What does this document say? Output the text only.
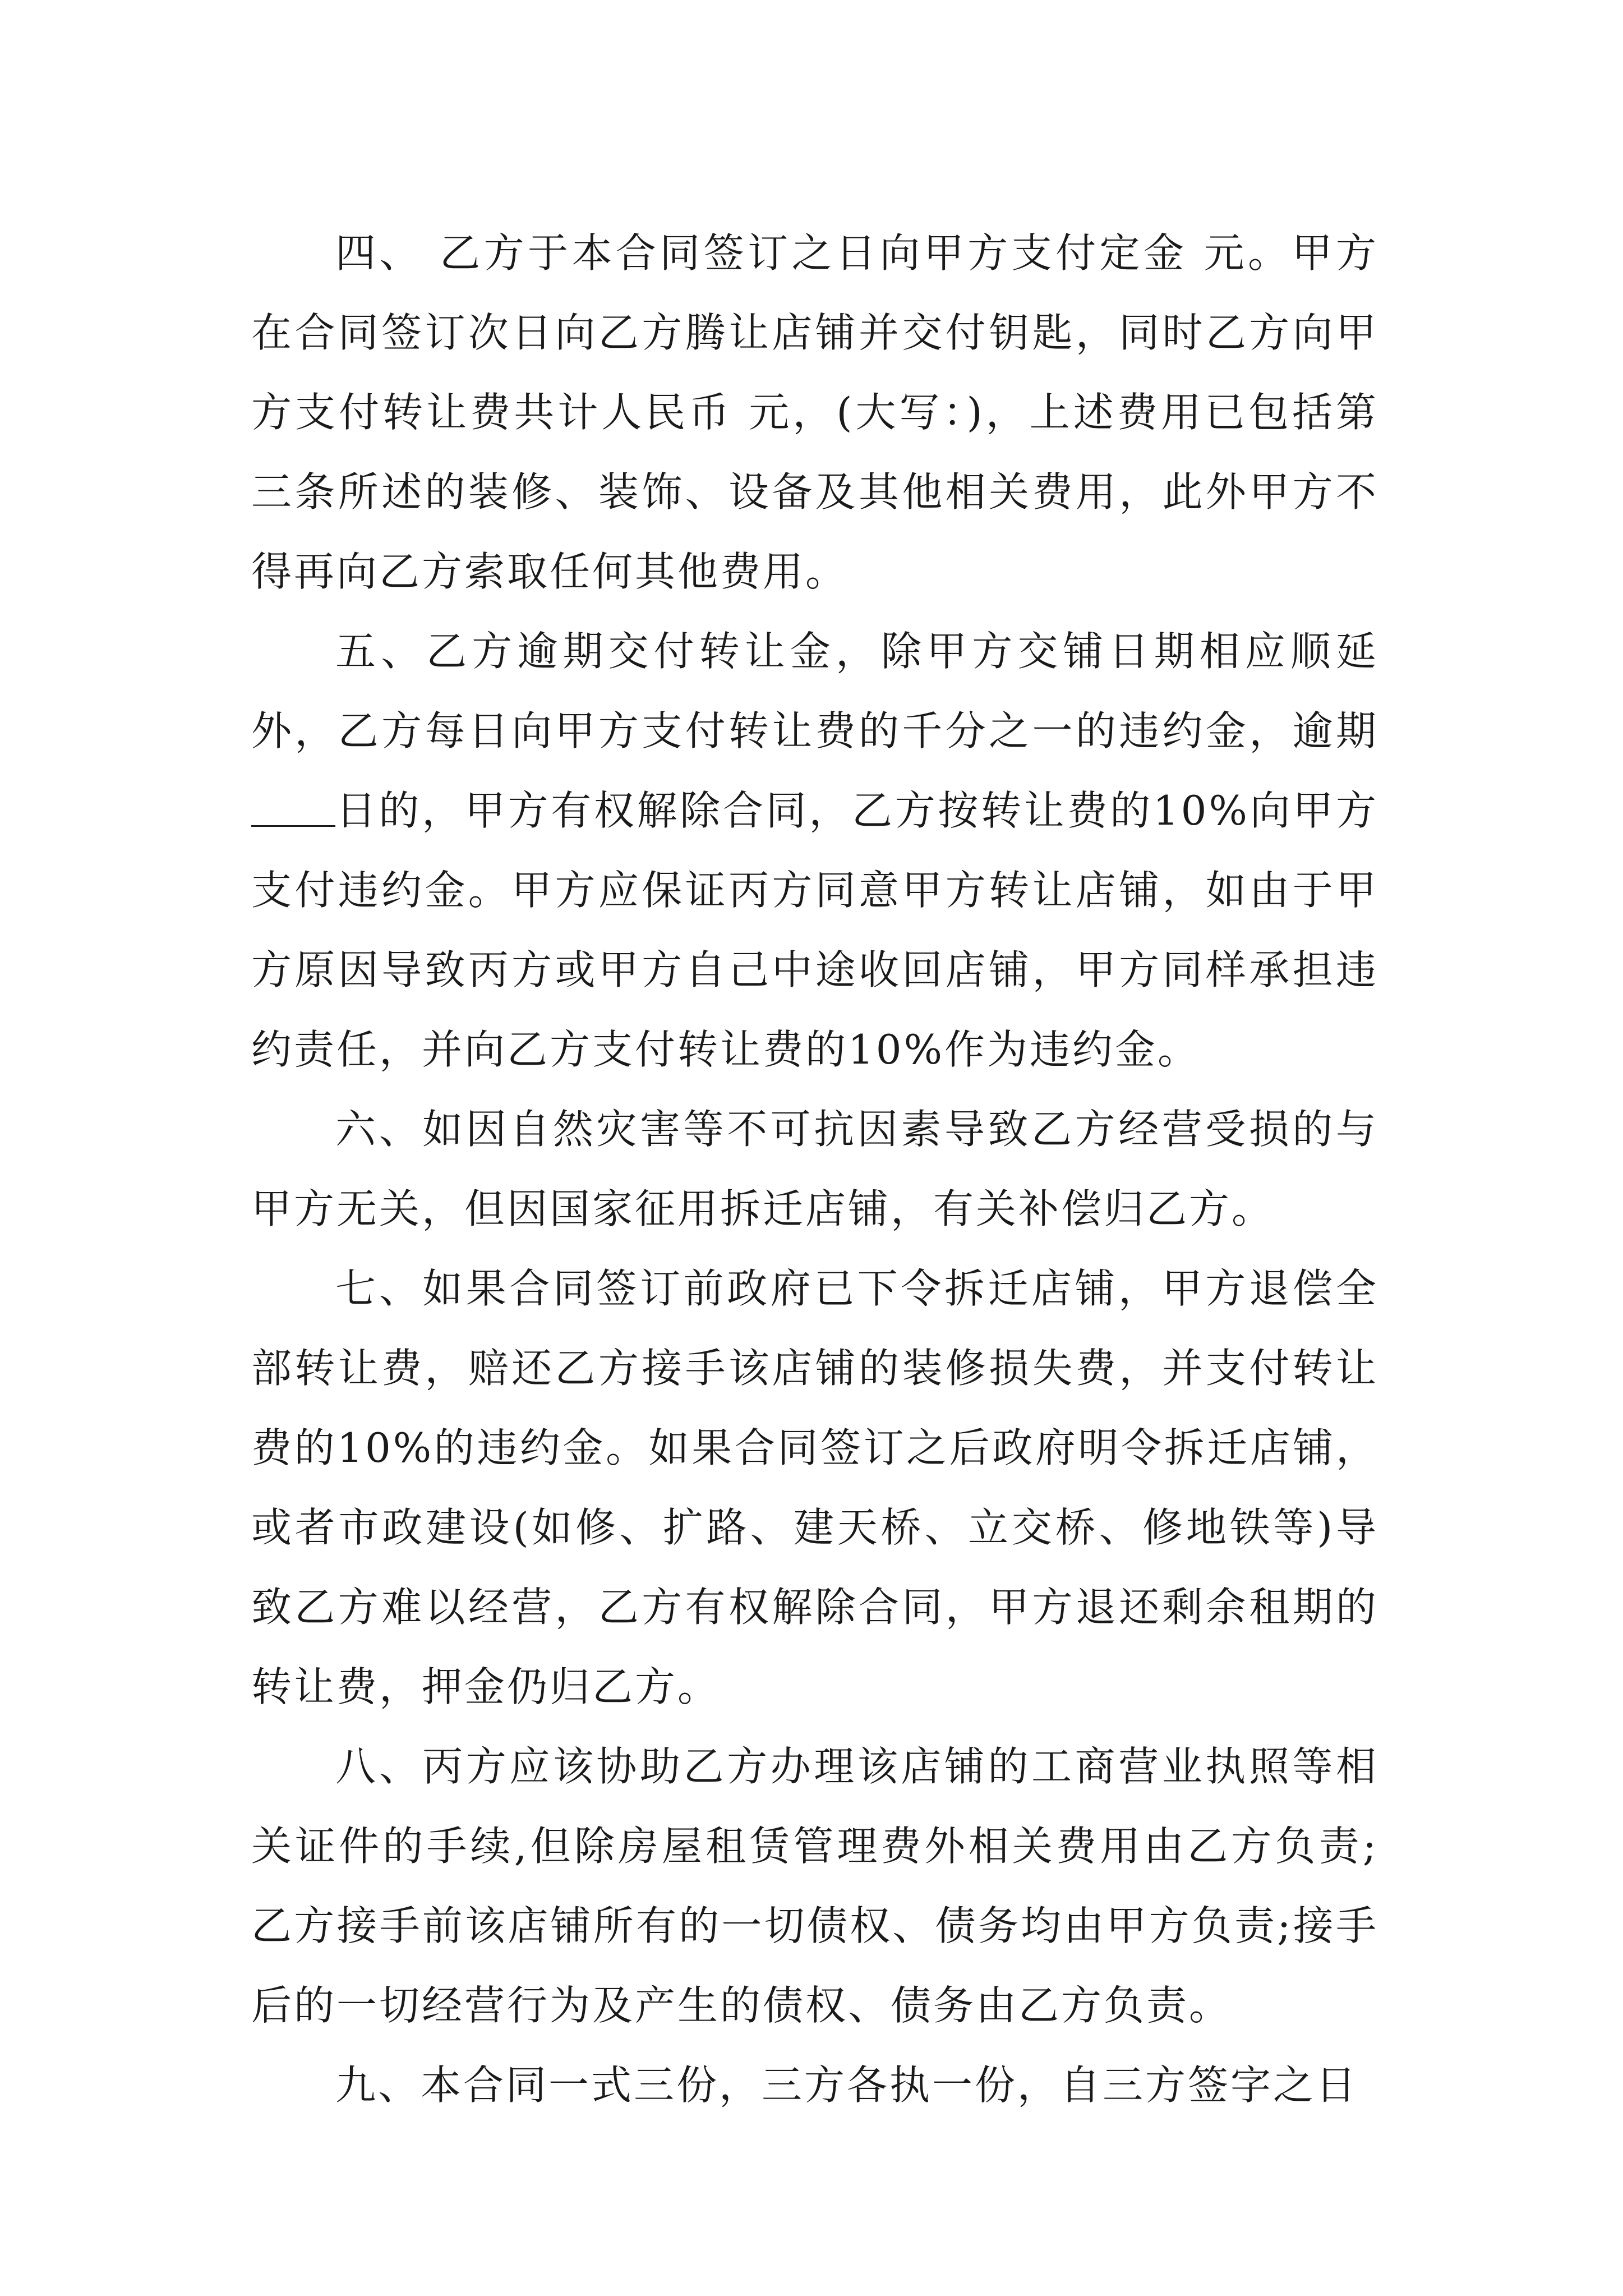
四、 乙方于本合同签订之日向甲方支付定金 元。甲方在合同签订次日向乙方腾让店铺并交付钥匙，同时乙方向甲方支付转让费共计人民币 元，(大写：)，上述费用已包括第三条所述的装修、装饰、设备及其他相关费用，此外甲方不得再向乙方索取任何其他费用。

五、乙方逾期交付转让金，除甲方交铺日期相应顺延外，乙方每日向甲方支付转让费的千分之一的违约金，逾期日的，甲方有权解除合同，乙方按转让费的10%向甲方支付违约金。甲方应保证丙方同意甲方转让店铺，如由于甲方原因导致丙方或甲方自己中途收回店铺，甲方同样承担违约责任，并向乙方支付转让费的10%作为违约金。

六、如因自然灾害等不可抗因素导致乙方经营受损的与甲方无关，但因国家征用拆迁店铺，有关补偿归乙方。

七、如果合同签订前政府已下令拆迁店铺，甲方退偿全部转让费，赔还乙方接手该店铺的装修损失费，并支付转让费的10%的违约金。如果合同签订之后政府明令拆迁店铺，或者市政建设(如修、扩路、建天桥、立交桥、修地铁等)导致乙方难以经营，乙方有权解除合同，甲方退还剩余租期的转让费，押金仍归乙方。

八、丙方应该协助乙方办理该店铺的工商营业执照等相关证件的手续,但除房屋租赁管理费外相关费用由乙方负责;乙方接手前该店铺所有的一切债权、债务均由甲方负责;接手后的一切经营行为及产生的债权、债务由乙方负责。

九、本合同一式三份，三方各执一份，自三方签字之日
